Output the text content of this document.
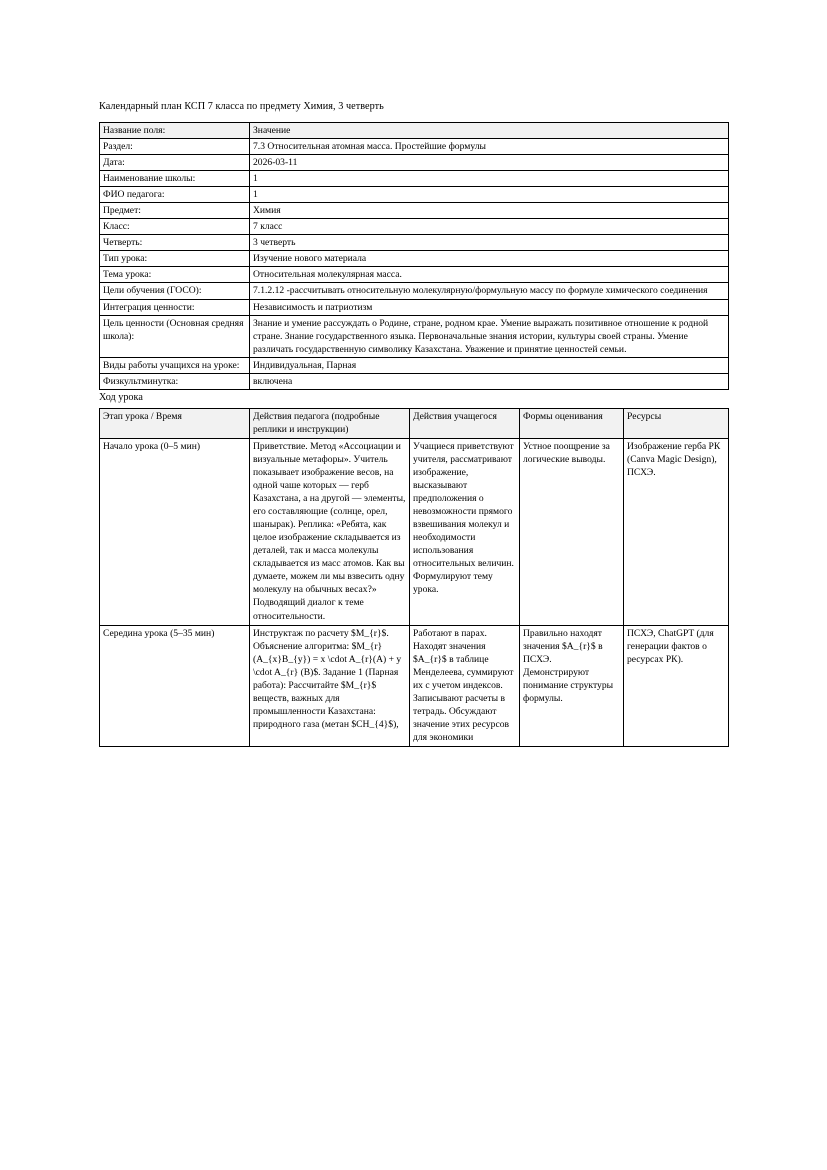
Календарный план КСП 7 класса по предмету Химия, 3 четверть

Название поля:	Значение
Раздел:	7.3 Относительная атомная масса. Простейшие формулы
Дата:	2026-03-11
Наименование школы:	1
ФИО педагога:	1
Предмет:	Химия
Класс:	7 класс
Четверть:	3 четверть
Тип урока:	Изучение нового материала
Тема урока:	Относительная молекулярная масса.
Цели обучения (ГОСО):	7.1.2.12 -рассчитывать относительную молекулярную/формульную массу по формуле химического соединения
Интеграция ценности:	Независимость и патриотизм
Цель ценности (Основная средняя школа):	Знание и умение рассуждать о Родине, стране, родном крае. Умение выражать позитивное отношение к родной стране. Знание государственного языка. Первоначальные знания истории, культуры своей страны. Умение различать государственную символику Казахстана. Уважение и принятие ценностей семьи.
Виды работы учащихся на уроке:	Индивидуальная, Парная
Физкультминутка:	включена

Ход урока

Этап урока / Время	Действия педагога (подробные реплики и инструкции)	Действия учащегося	Формы оценивания	Ресурсы
Начало урока (0–5 мин)	Приветствие. Метод «Ассоциации и визуальные метафоры». Учитель показывает изображение весов, на одной чаше которых — герб Казахстана, а на другой — элементы, его составляющие (солнце, орел, шанырак). Реплика: «Ребята, как целое изображение складывается из деталей, так и масса молекулы складывается из масс атомов. Как вы думаете, можем ли мы взвесить одну молекулу на обычных весах?» Подводящий диалог к теме относительности.	Учащиеся приветствуют учителя, рассматривают изображение, высказывают предположения о невозможности прямого взвешивания молекул и необходимости использования относительных величин. Формулируют тему урока.	Устное поощрение за логические выводы.	Изображение герба РК (Canva Magic Design), ПСХЭ.
Середина урока (5–35 мин)	Инструктаж по расчету $M_{r}$. Объяснение алгоритма: $M_{r} (A_{x}B_{y}) = x \cdot A_{r}(A) + y \cdot A_{r} (B)$. Задание 1 (Парная работа): Рассчитайте $M_{r}$ веществ, важных для промышленности Казахстана: природного газа (метан $CH_{4}$),	Работают в парах. Находят значения $A_{r}$ в таблице Менделеева, суммируют их с учетом индексов. Записывают расчеты в тетрадь. Обсуждают значение этих ресурсов для экономики	Правильно находят значения $A_{r}$ в ПСХЭ. Демонстрируют понимание структуры формулы.	ПСХЭ, ChatGPT (для генерации фактов о ресурсах РК).
